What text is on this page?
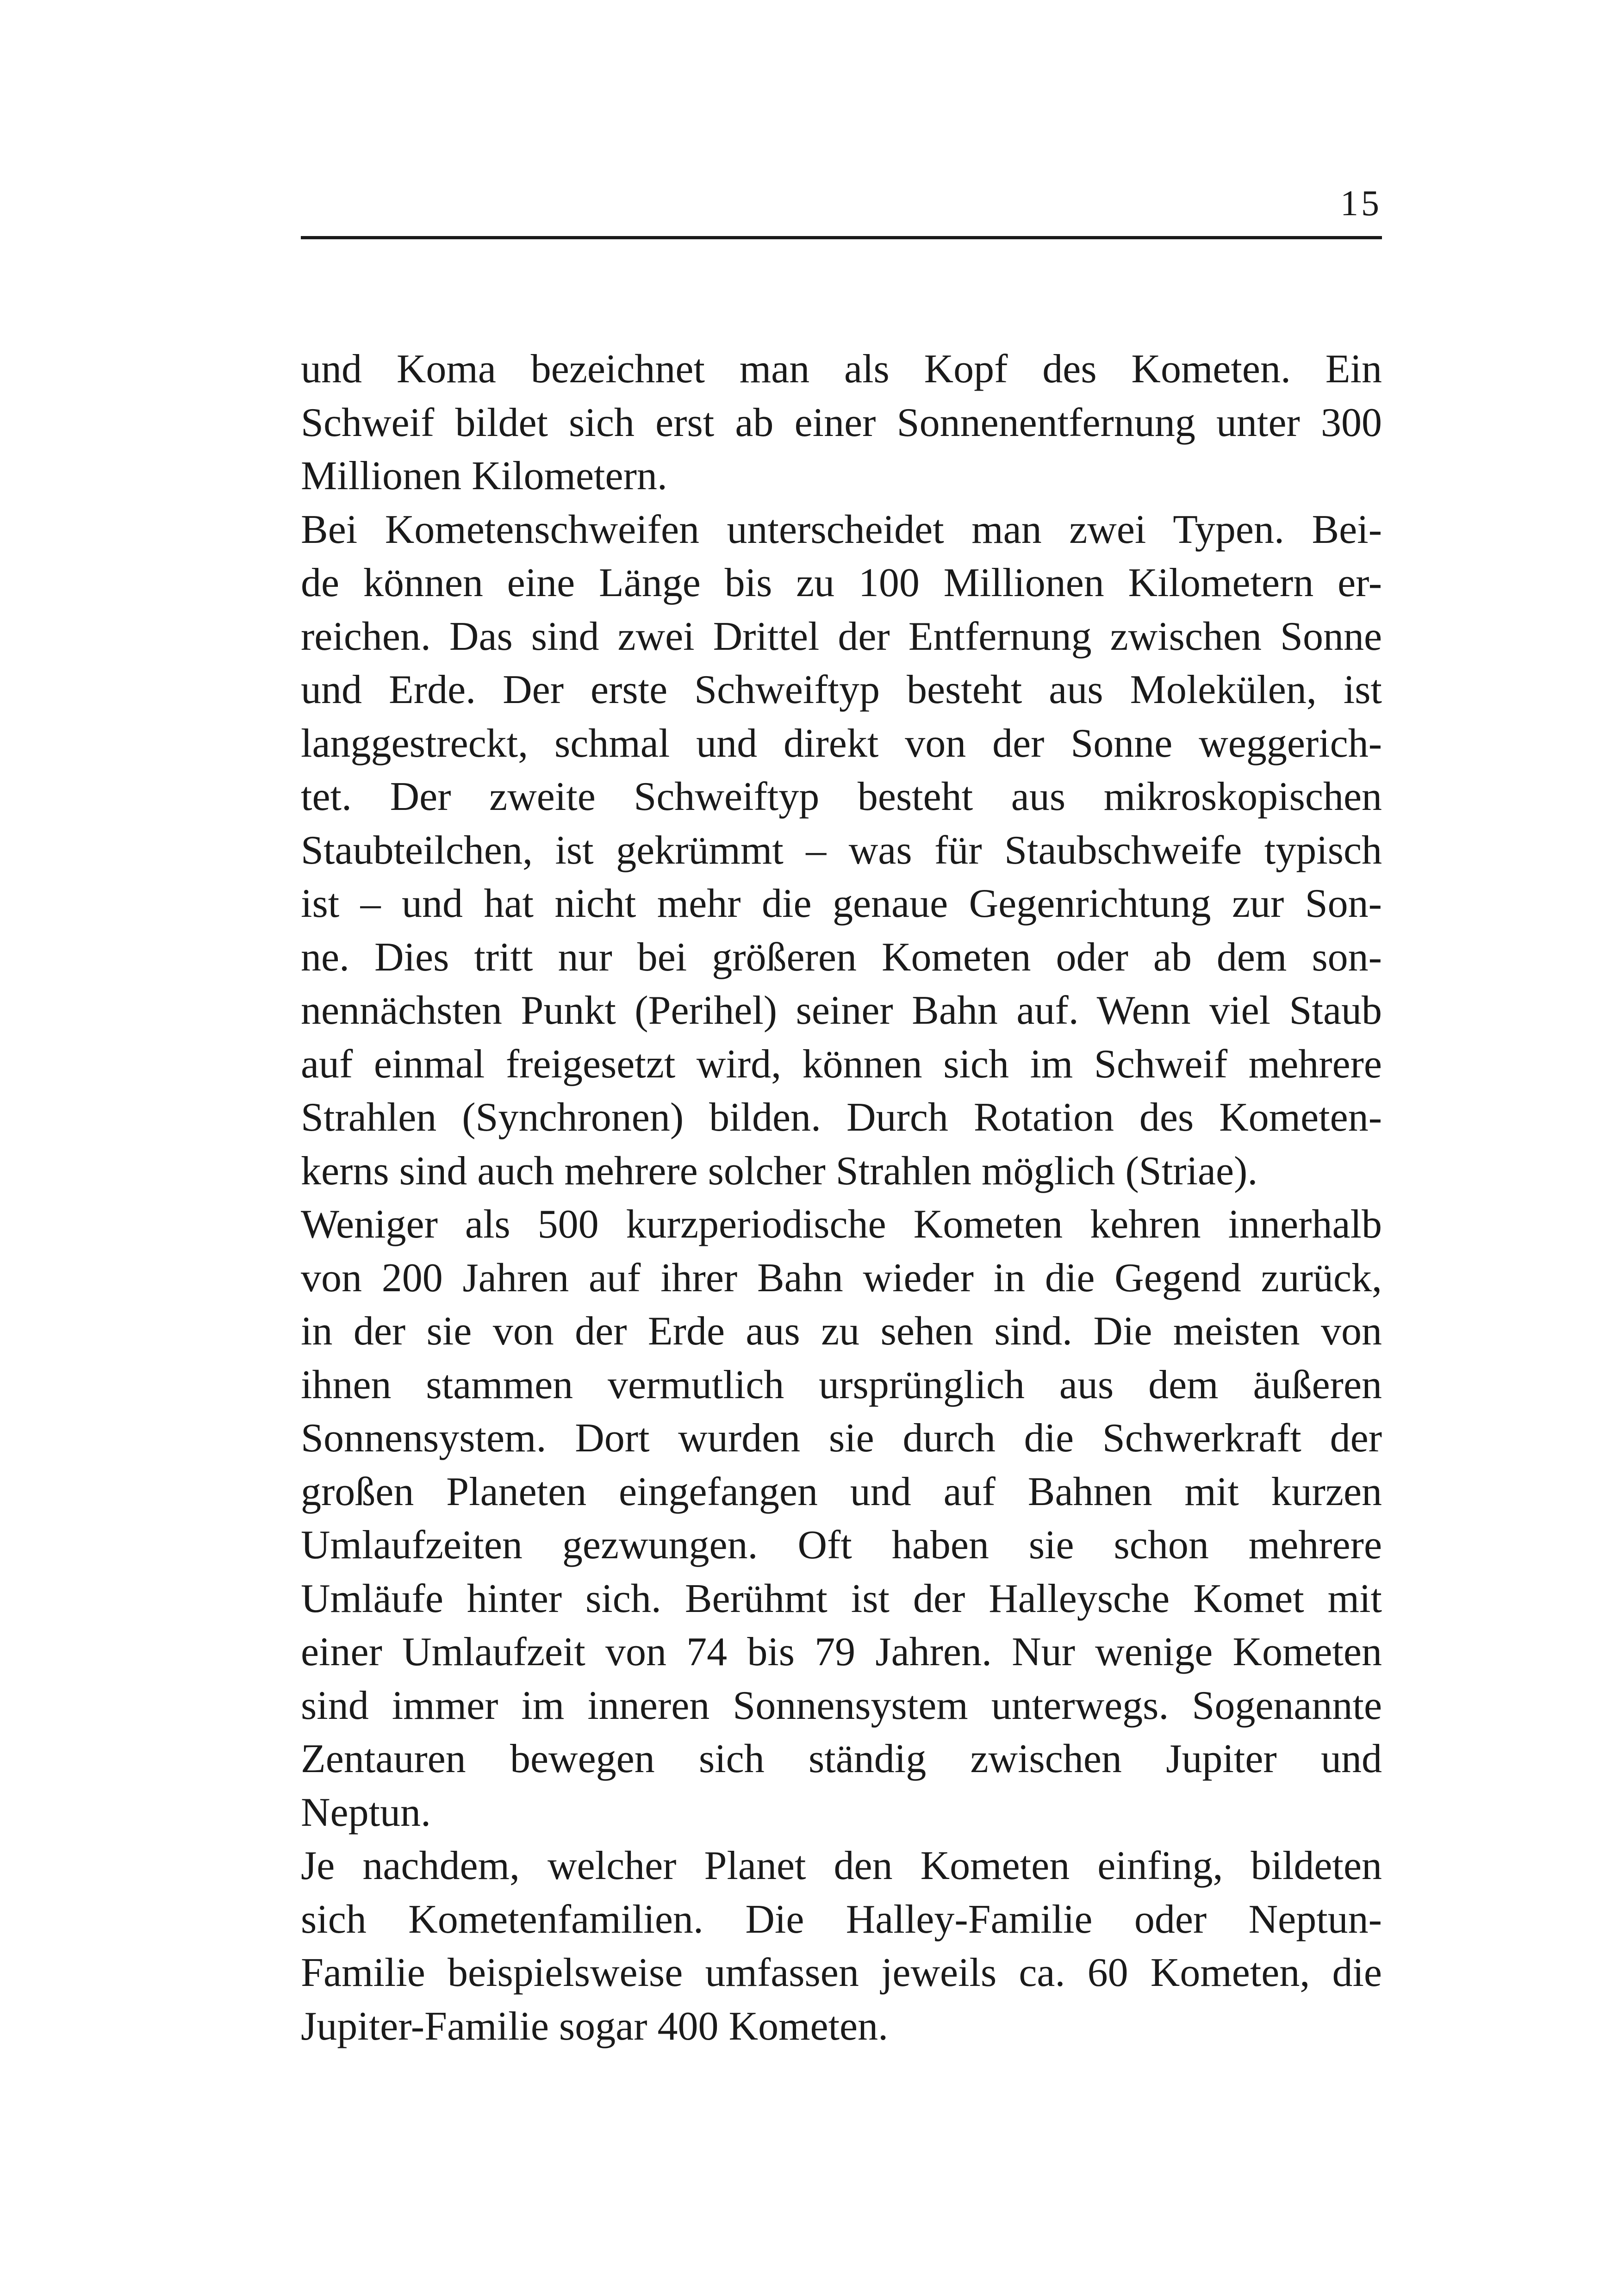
15
und Koma bezeichnet man als Kopf des Kometen. Ein
Schweif bildet sich erst ab einer Sonnenentfernung unter 300
Millionen Kilometern.
Bei Kometenschweifen unterscheidet man zwei Typen. Bei-
de können eine Länge bis zu 100 Millionen Kilometern er-
reichen. Das sind zwei Drittel der Entfernung zwischen Sonne
und Erde. Der erste Schweiftyp besteht aus Molekülen, ist
langgestreckt, schmal und direkt von der Sonne weggerich-
tet. Der zweite Schweiftyp besteht aus mikroskopischen
Staubteilchen, ist gekrümmt – was für Staubschweife typisch
ist – und hat nicht mehr die genaue Gegenrichtung zur Son-
ne. Dies tritt nur bei größeren Kometen oder ab dem son-
nennächsten Punkt (Perihel) seiner Bahn auf. Wenn viel Staub
auf einmal freigesetzt wird, können sich im Schweif mehrere
Strahlen (Synchronen) bilden. Durch Rotation des Kometen-
kerns sind auch mehrere solcher Strahlen möglich (Striae).
Weniger als 500 kurzperiodische Kometen kehren innerhalb
von 200 Jahren auf ihrer Bahn wieder in die Gegend zurück,
in der sie von der Erde aus zu sehen sind. Die meisten von
ihnen stammen vermutlich ursprünglich aus dem äußeren
Sonnensystem. Dort wurden sie durch die Schwerkraft der
großen Planeten eingefangen und auf Bahnen mit kurzen
Umlaufzeiten gezwungen. Oft haben sie schon mehrere
Umläufe hinter sich. Berühmt ist der Halleysche Komet mit
einer Umlaufzeit von 74 bis 79 Jahren. Nur wenige Kometen
sind immer im inneren Sonnensystem unterwegs. Sogenannte
Zentauren bewegen sich ständig zwischen Jupiter und
Neptun.
Je nachdem, welcher Planet den Kometen einfing, bildeten
sich Kometenfamilien. Die Halley-Familie oder Neptun-
Familie beispielsweise umfassen jeweils ca. 60 Kometen, die
Jupiter-Familie sogar 400 Kometen.
